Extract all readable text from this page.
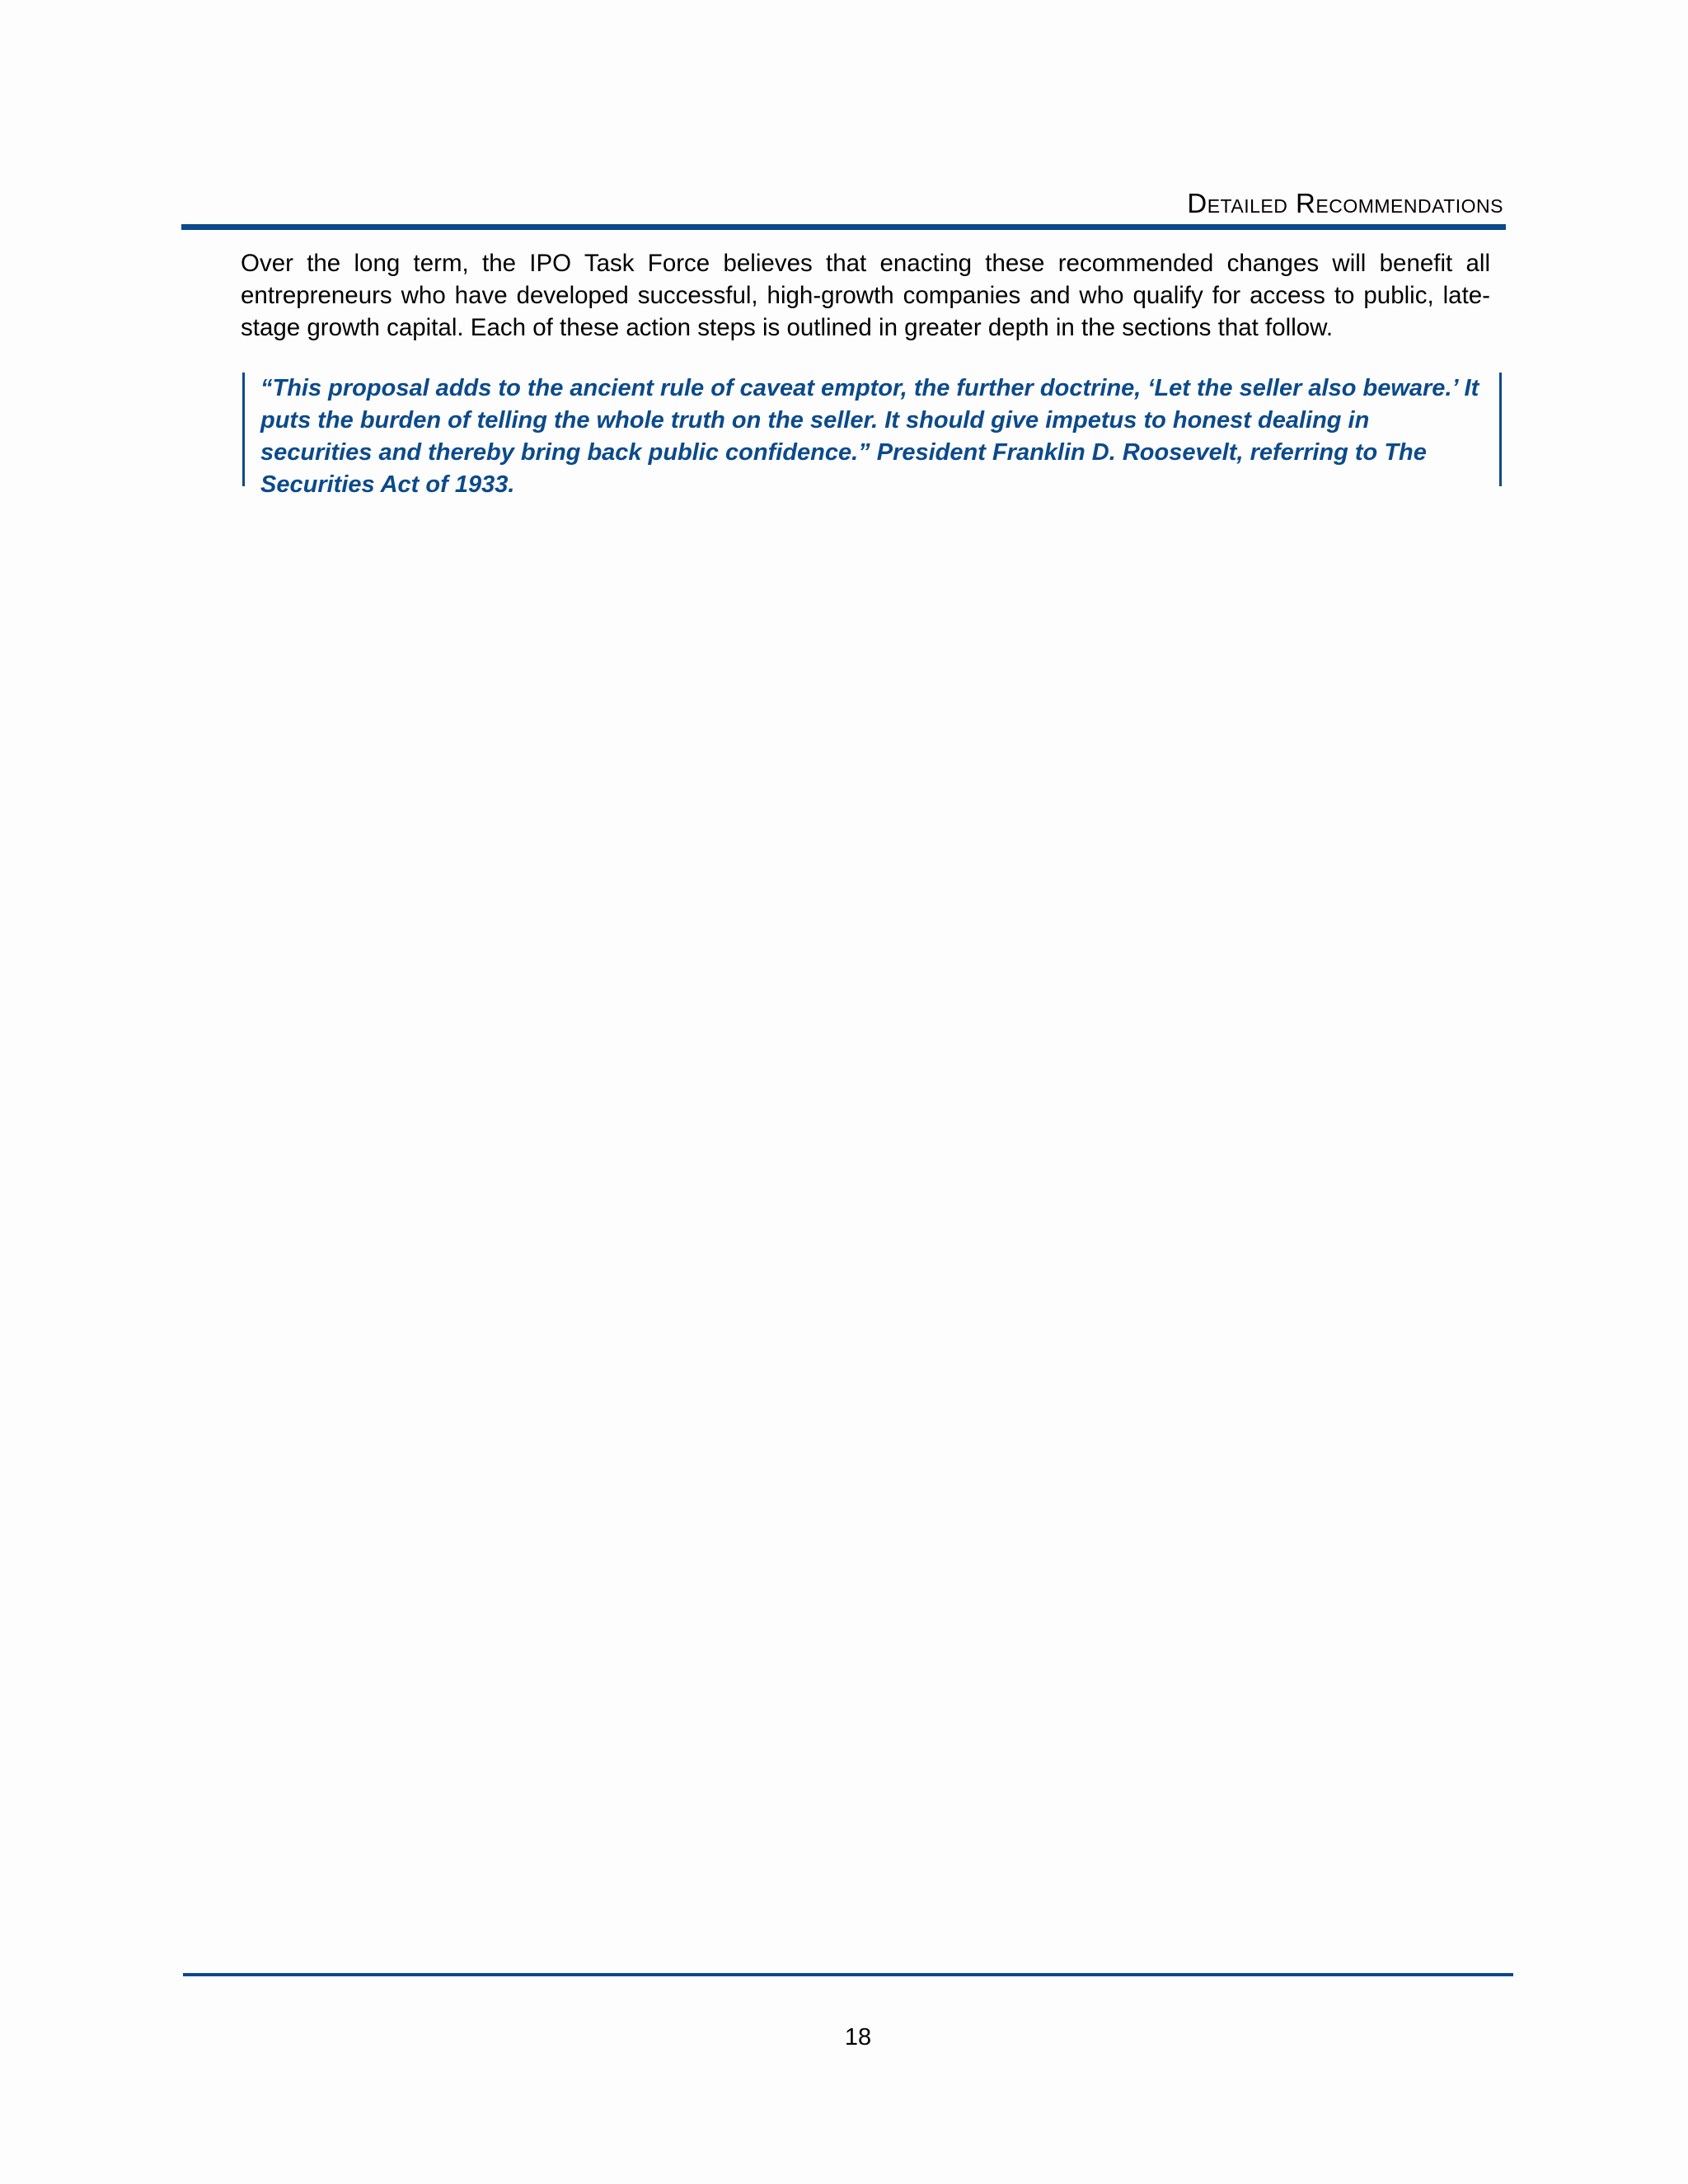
Detailed Recommendations
Over the long term, the IPO Task Force believes that enacting these recommended changes will benefit all entrepreneurs who have developed successful, high-growth companies and who qualify for access to public, late-stage growth capital. Each of these action steps is outlined in greater depth in the sections that follow.
“This proposal adds to the ancient rule of caveat emptor, the further doctrine, ‘Let the seller also beware.’ It puts the burden of telling the whole truth on the seller. It should give impetus to honest dealing in securities and thereby bring back public confidence.” President Franklin D. Roosevelt, referring to The Securities Act of 1933.
18
